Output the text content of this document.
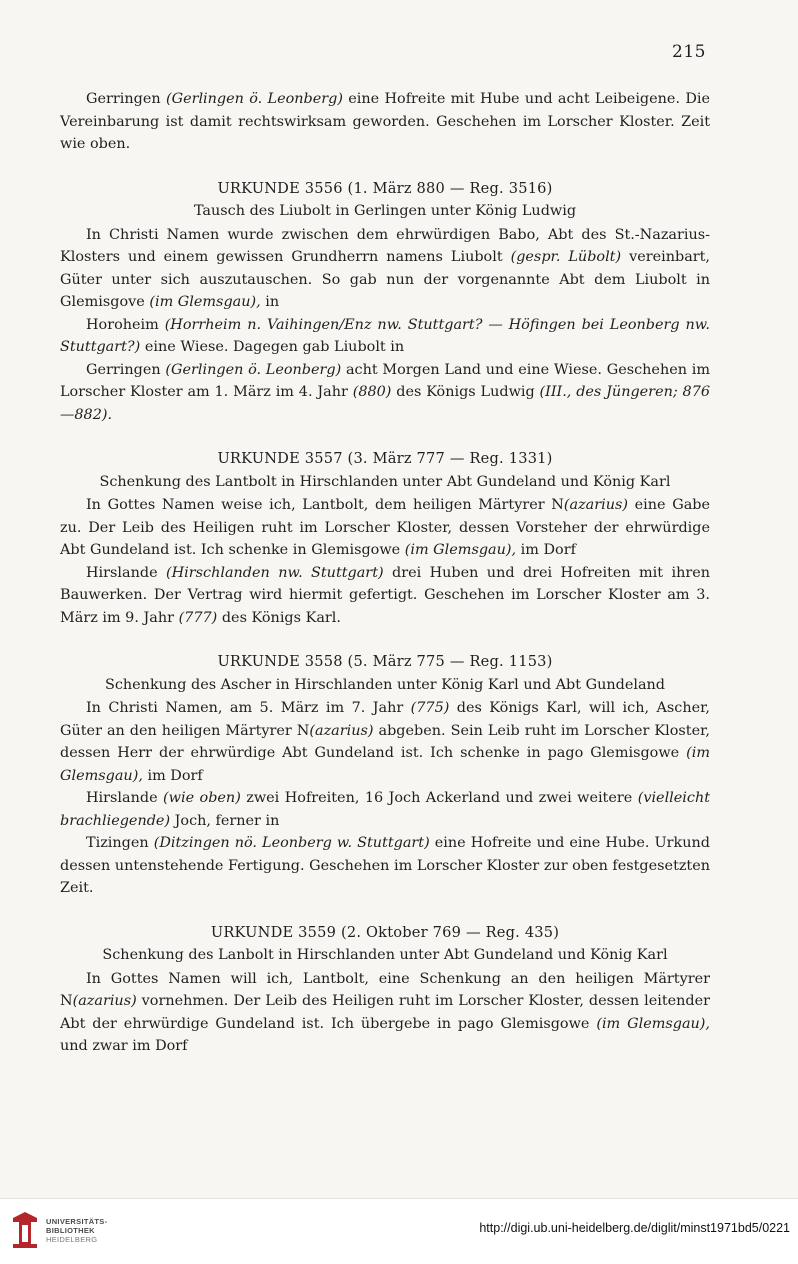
215

Gerringen (Gerlingen ö. Leonberg) eine Hofreite mit Hube und acht Leibeigene. Die Vereinbarung ist damit rechtswirksam geworden. Geschehen im Lorscher Kloster. Zeit wie oben.

URKUNDE 3556 (1. März 880 — Reg. 3516)
Tausch des Liubolt in Gerlingen unter König Ludwig

In Christi Namen wurde zwischen dem ehrwürdigen Babo, Abt des St.-Nazarius-Klosters und einem gewissen Grundherrn namens Liubolt (gespr. Lübolt) vereinbart, Güter unter sich auszutauschen. So gab nun der vorgenannte Abt dem Liubolt in Glemisgove (im Glemsgau), in

Horoheim (Horrheim n. Vaihingen/Enz nw. Stuttgart? — Höfingen bei Leonberg nw. Stuttgart?) eine Wiese. Dagegen gab Liubolt in

Gerringen (Gerlingen ö. Leonberg) acht Morgen Land und eine Wiese. Geschehen im Lorscher Kloster am 1. März im 4. Jahr (880) des Königs Ludwig (III., des Jüngeren; 876—882).

URKUNDE 3557 (3. März 777 — Reg. 1331)
Schenkung des Lantbolt in Hirschlanden unter Abt Gundeland und König Karl

In Gottes Namen weise ich, Lantbolt, dem heiligen Märtyrer N(azarius) eine Gabe zu. Der Leib des Heiligen ruht im Lorscher Kloster, dessen Vorsteher der ehrwürdige Abt Gundeland ist. Ich schenke in Glemisgowe (im Glemsgau), im Dorf

Hirslande (Hirschlanden nw. Stuttgart) drei Huben und drei Hofreiten mit ihren Bauwerken. Der Vertrag wird hiermit gefertigt. Geschehen im Lorscher Kloster am 3. März im 9. Jahr (777) des Königs Karl.

URKUNDE 3558 (5. März 775 — Reg. 1153)
Schenkung des Ascher in Hirschlanden unter König Karl und Abt Gundeland

In Christi Namen, am 5. März im 7. Jahr (775) des Königs Karl, will ich, Ascher, Güter an den heiligen Märtyrer N(azarius) abgeben. Sein Leib ruht im Lorscher Kloster, dessen Herr der ehrwürdige Abt Gundeland ist. Ich schenke in pago Glemisgowe (im Glemsgau), im Dorf

Hirslande (wie oben) zwei Hofreiten, 16 Joch Ackerland und zwei weitere (vielleicht brachliegende) Joch, ferner in

Tizingen (Ditzingen nö. Leonberg w. Stuttgart) eine Hofreite und eine Hube. Urkund dessen untenstehende Fertigung. Geschehen im Lorscher Kloster zur oben festgesetzten Zeit.

URKUNDE 3559 (2. Oktober 769 — Reg. 435)
Schenkung des Lanbolt in Hirschlanden unter Abt Gundeland und König Karl

In Gottes Namen will ich, Lantbolt, eine Schenkung an den heiligen Märtyrer N(azarius) vornehmen. Der Leib des Heiligen ruht im Lorscher Kloster, dessen leitender Abt der ehrwürdige Gundeland ist. Ich übergebe in pago Glemisgowe (im Glemsgau), und zwar im Dorf

UNIVERSITÄTS-
BIBLIOTHEK
HEIDELBERG
http://digi.ub.uni-heidelberg.de/diglit/minst1971bd5/0221
